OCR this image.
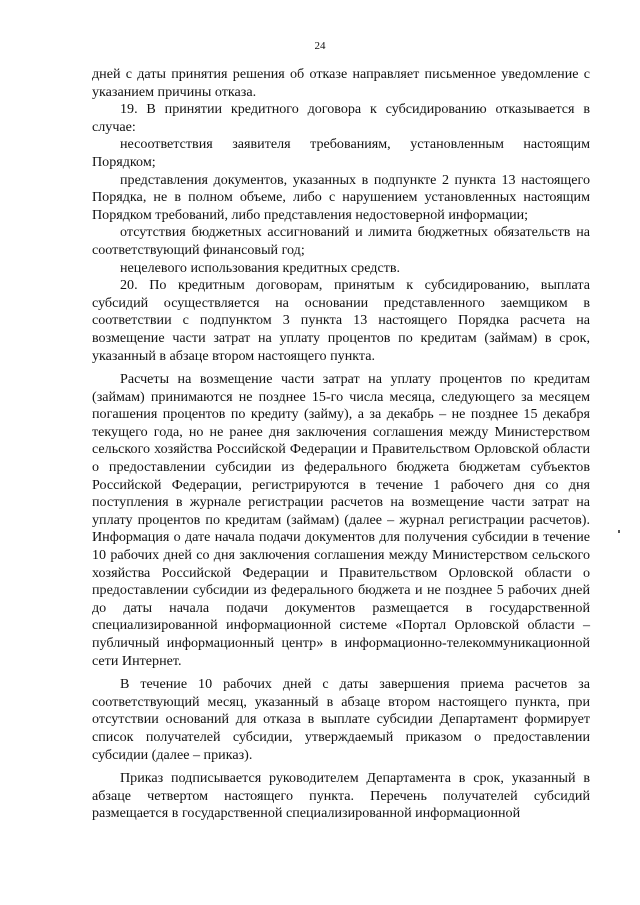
24

дней с даты принятия решения об отказе направляет письменное уведомление с указанием причины отказа.

19. В принятии кредитного договора к субсидированию отказывается в случае:

несоответствия заявителя требованиям, установленным настоящим Порядком;

представления документов, указанных в подпункте 2 пункта 13 настоящего Порядка, не в полном объеме, либо с нарушением установленных настоящим Порядком требований, либо представления недостоверной информации;

отсутствия бюджетных ассигнований и лимита бюджетных обязательств на соответствующий финансовый год;

нецелевого использования кредитных средств.

20. По кредитным договорам, принятым к субсидированию, выплата субсидий осуществляется на основании представленного заемщиком в соответствии с подпунктом 3 пункта 13 настоящего Порядка расчета на возмещение части затрат на уплату процентов по кредитам (займам) в срок, указанный в абзаце втором настоящего пункта.

Расчеты на возмещение части затрат на уплату процентов по кредитам (займам) принимаются не позднее 15-го числа месяца, следующего за месяцем погашения процентов по кредиту (займу), а за декабрь – не позднее 15 декабря текущего года, но не ранее дня заключения соглашения между Министерством сельского хозяйства Российской Федерации и Правительством Орловской области о предоставлении субсидии из федерального бюджета бюджетам субъектов Российской Федерации, регистрируются в течение 1 рабочего дня со дня поступления в журнале регистрации расчетов на возмещение части затрат на уплату процентов по кредитам (займам) (далее – журнал регистрации расчетов). Информация о дате начала подачи документов для получения субсидии в течение 10 рабочих дней со дня заключения соглашения между Министерством сельского хозяйства Российской Федерации и Правительством Орловской области о предоставлении субсидии из федерального бюджета и не позднее 5 рабочих дней до даты начала подачи документов размещается в государственной специализированной информационной системе «Портал Орловской области – публичный информационный центр» в информационно-телекоммуникационной сети Интернет.

В течение 10 рабочих дней с даты завершения приема расчетов за соответствующий месяц, указанный в абзаце втором настоящего пункта, при отсутствии оснований для отказа в выплате субсидии Департамент формирует список получателей субсидии, утверждаемый приказом о предоставлении субсидии (далее – приказ).

Приказ подписывается руководителем Департамента в срок, указанный в абзаце четвертом настоящего пункта. Перечень получателей субсидий размещается в государственной специализированной информационной
